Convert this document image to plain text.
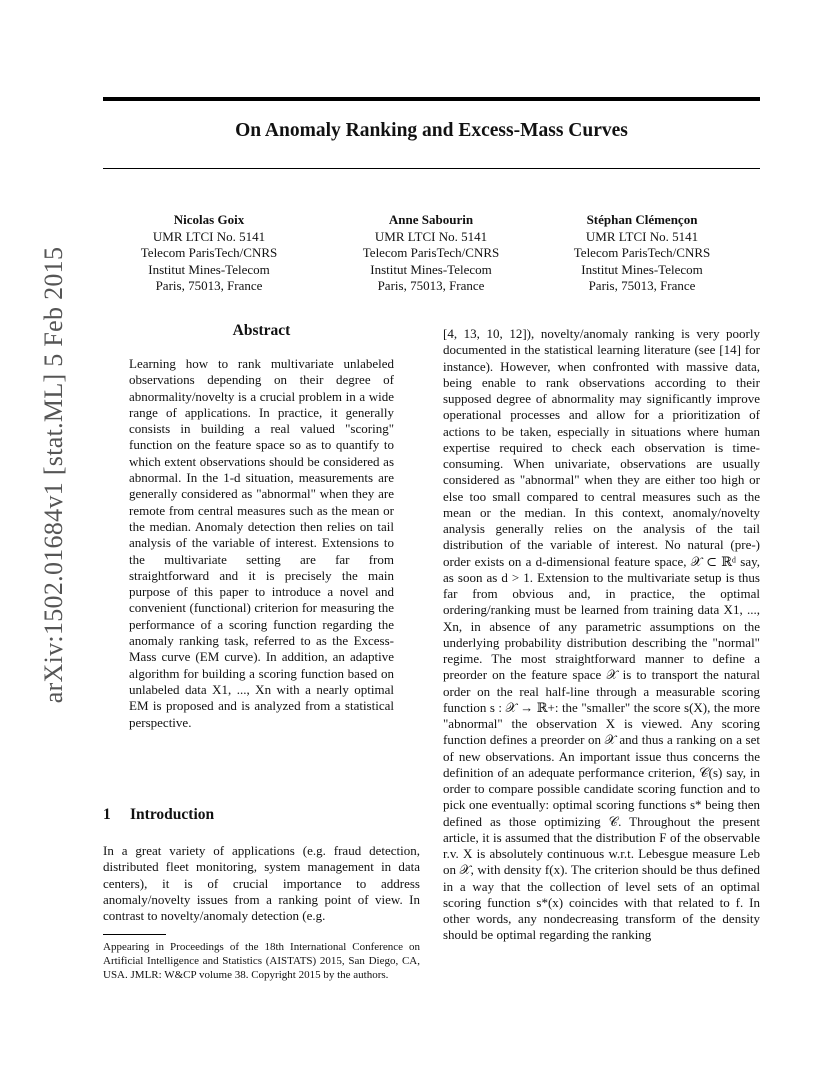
On Anomaly Ranking and Excess-Mass Curves
Nicolas Goix
UMR LTCI No. 5141
Telecom ParisTech/CNRS
Institut Mines-Telecom
Paris, 75013, France
Anne Sabourin
UMR LTCI No. 5141
Telecom ParisTech/CNRS
Institut Mines-Telecom
Paris, 75013, France
Stéphan Clémençon
UMR LTCI No. 5141
Telecom ParisTech/CNRS
Institut Mines-Telecom
Paris, 75013, France
arXiv:1502.01684v1 [stat.ML] 5 Feb 2015	Abstract

Learning how to rank multivariate unlabeled observations depending on their degree of abnormality/novelty is a crucial problem in a wide range of applications. In practice, it generally consists in building a real valued "scoring" function on the feature space so as to quantify to which extent observations should be considered as abnormal. In the 1-d situation, measurements are generally considered as "abnormal" when they are remote from central measures such as the mean or the median. Anomaly detection then relies on tail analysis of the variable of interest. Extensions to the multivariate setting are far from straightforward and it is precisely the main purpose of this paper to introduce a novel and convenient (functional) criterion for measuring the performance of a scoring function regarding the anomaly ranking task, referred to as the Excess-Mass curve (EM curve). In addition, an adaptive algorithm for building a scoring function based on unlabeled data X1, ..., Xn with a nearly optimal EM is proposed and is analyzed from a statistical perspective.

1 Introduction
In a great variety of applications (e.g. fraud detection, distributed fleet monitoring, system management in data centers), it is of crucial importance to address anomaly/novelty issues from a ranking point of view. In contrast to novelty/anomaly detection (e.g.
Appearing in Proceedings of the 18th International Conference on Artificial Intelligence and Statistics (AISTATS) 2015, San Diego, CA, USA. JMLR: W&CP volume 38. Copyright 2015 by the authors.
[4, 13, 10, 12]), novelty/anomaly ranking is very poorly documented in the statistical learning literature (see [14] for instance). However, when confronted with massive data, being enable to rank observations according to their supposed degree of abnormality may significantly improve operational processes and allow for a prioritization of actions to be taken, especially in situations where human expertise required to check each observation is time-consuming. When univariate, observations are usually considered as "abnormal" when they are either too high or else too small compared to central measures such as the mean or the median. In this context, anomaly/novelty analysis generally relies on the analysis of the tail distribution of the variable of interest. No natural (pre-) order exists on a d-dimensional feature space, 𝒳 ⊂ ℝᵈ say, as soon as d > 1. Extension to the multivariate setup is thus far from obvious and, in practice, the optimal ordering/ranking must be learned from training data X1, ..., Xn, in absence of any parametric assumptions on the underlying probability distribution describing the "normal" regime. The most straightforward manner to define a preorder on the feature space 𝒳 is to transport the natural order on the real half-line through a measurable scoring function s : 𝒳 → ℝ+: the "smaller" the score s(X), the more "abnormal" the observation X is viewed. Any scoring function defines a preorder on 𝒳 and thus a ranking on a set of new observations. An important issue thus concerns the definition of an adequate performance criterion, 𝒞(s) say, in order to compare possible candidate scoring function and to pick one eventually: optimal scoring functions s* being then defined as those optimizing 𝒞. Throughout the present article, it is assumed that the distribution F of the observable r.v. X is absolutely continuous w.r.t. Lebesgue measure Leb on 𝒳, with density f(x). The criterion should be thus defined in a way that the collection of level sets of an optimal scoring function s*(x) coincides with that related to f. In other words, any nondecreasing transform of the density should be optimal regarding the ranking
